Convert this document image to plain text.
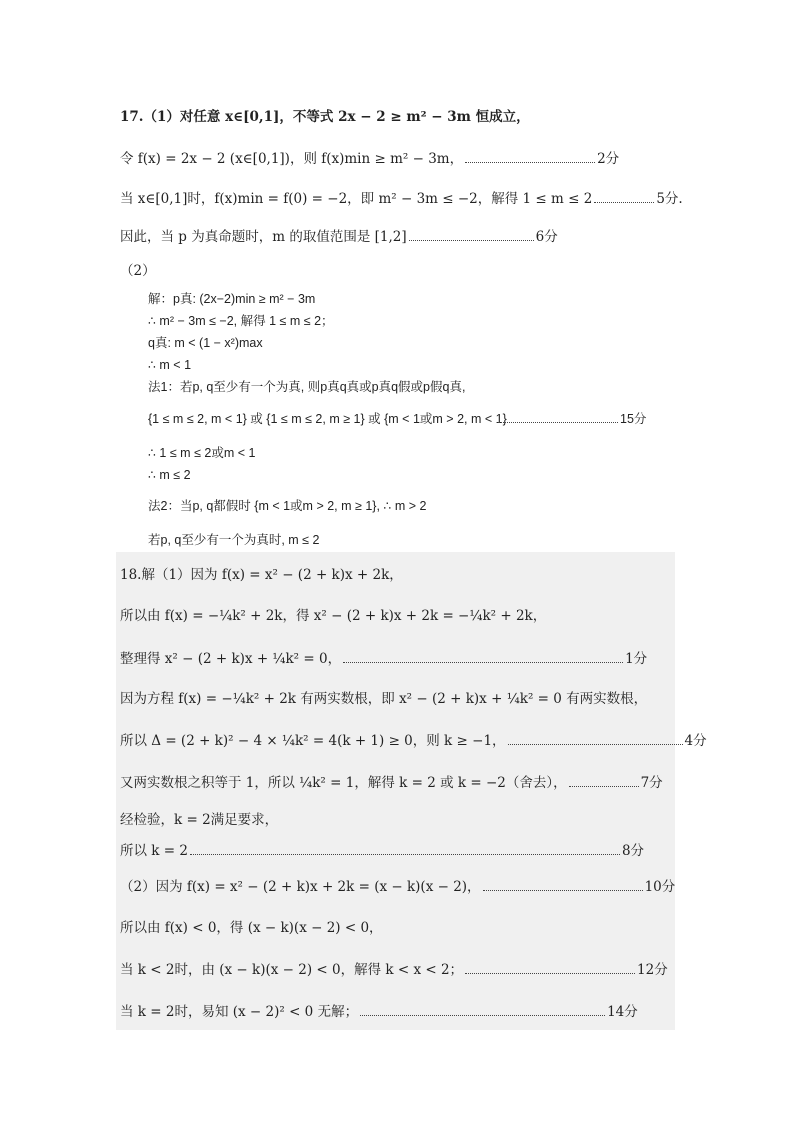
17.（1）对任意 x∈[0,1]，不等式 2x − 2 ≥ m² − 3m 恒成立，
令 f(x) = 2x − 2 (x∈[0,1])，则 f(x)min ≥ m² − 3m，	2分
当 x∈[0,1]时，f(x)min = f(0) = −2，即 m² − 3m ≤ −2，解得 1 ≤ m ≤ 2	5分.
因此，当 p 为真命题时，m 的取值范围是 [1,2]	6分
（2）
解：p真: (2x−2)min ≥ m² − 3m
∴ m² − 3m ≤ −2, 解得 1 ≤ m ≤ 2；
q真: m < (1 − x²)max
∴ m < 1
法1：若p, q至少有一个为真, 则p真q真或p真q假或p假q真,
{1 ≤ m ≤ 2, m < 1} 或 {1 ≤ m ≤ 2, m ≥ 1} 或 {m < 1或m > 2, m < 1}	15分
∴ 1 ≤ m ≤ 2或m < 1
∴ m ≤ 2
法2：当p, q都假时 {m < 1或m > 2, m ≥ 1}, ∴ m > 2
若p, q至少有一个为真时, m ≤ 2
18.解（1）因为 f(x) = x² − (2 + k)x + 2k，
所以由 f(x) = −¼k² + 2k，得 x² − (2 + k)x + 2k = −¼k² + 2k，
整理得 x² − (2 + k)x + ¼k² = 0，	1分
因为方程 f(x) = −¼k² + 2k 有两实数根，即 x² − (2 + k)x + ¼k² = 0 有两实数根，
所以 Δ = (2 + k)² − 4 × ¼k² = 4(k + 1) ≥ 0，则 k ≥ −1，	4分
又两实数根之积等于 1，所以 ¼k² = 1，解得 k = 2 或 k = −2（舍去），	7分
经检验，k = 2满足要求，
所以 k = 2	8分
（2）因为 f(x) = x² − (2 + k)x + 2k = (x − k)(x − 2)，	10分
所以由 f(x) < 0，得 (x − k)(x − 2) < 0，
当 k < 2时，由 (x − k)(x − 2) < 0，解得 k < x < 2；	12分
当 k = 2时，易知 (x − 2)² < 0 无解；	14分
